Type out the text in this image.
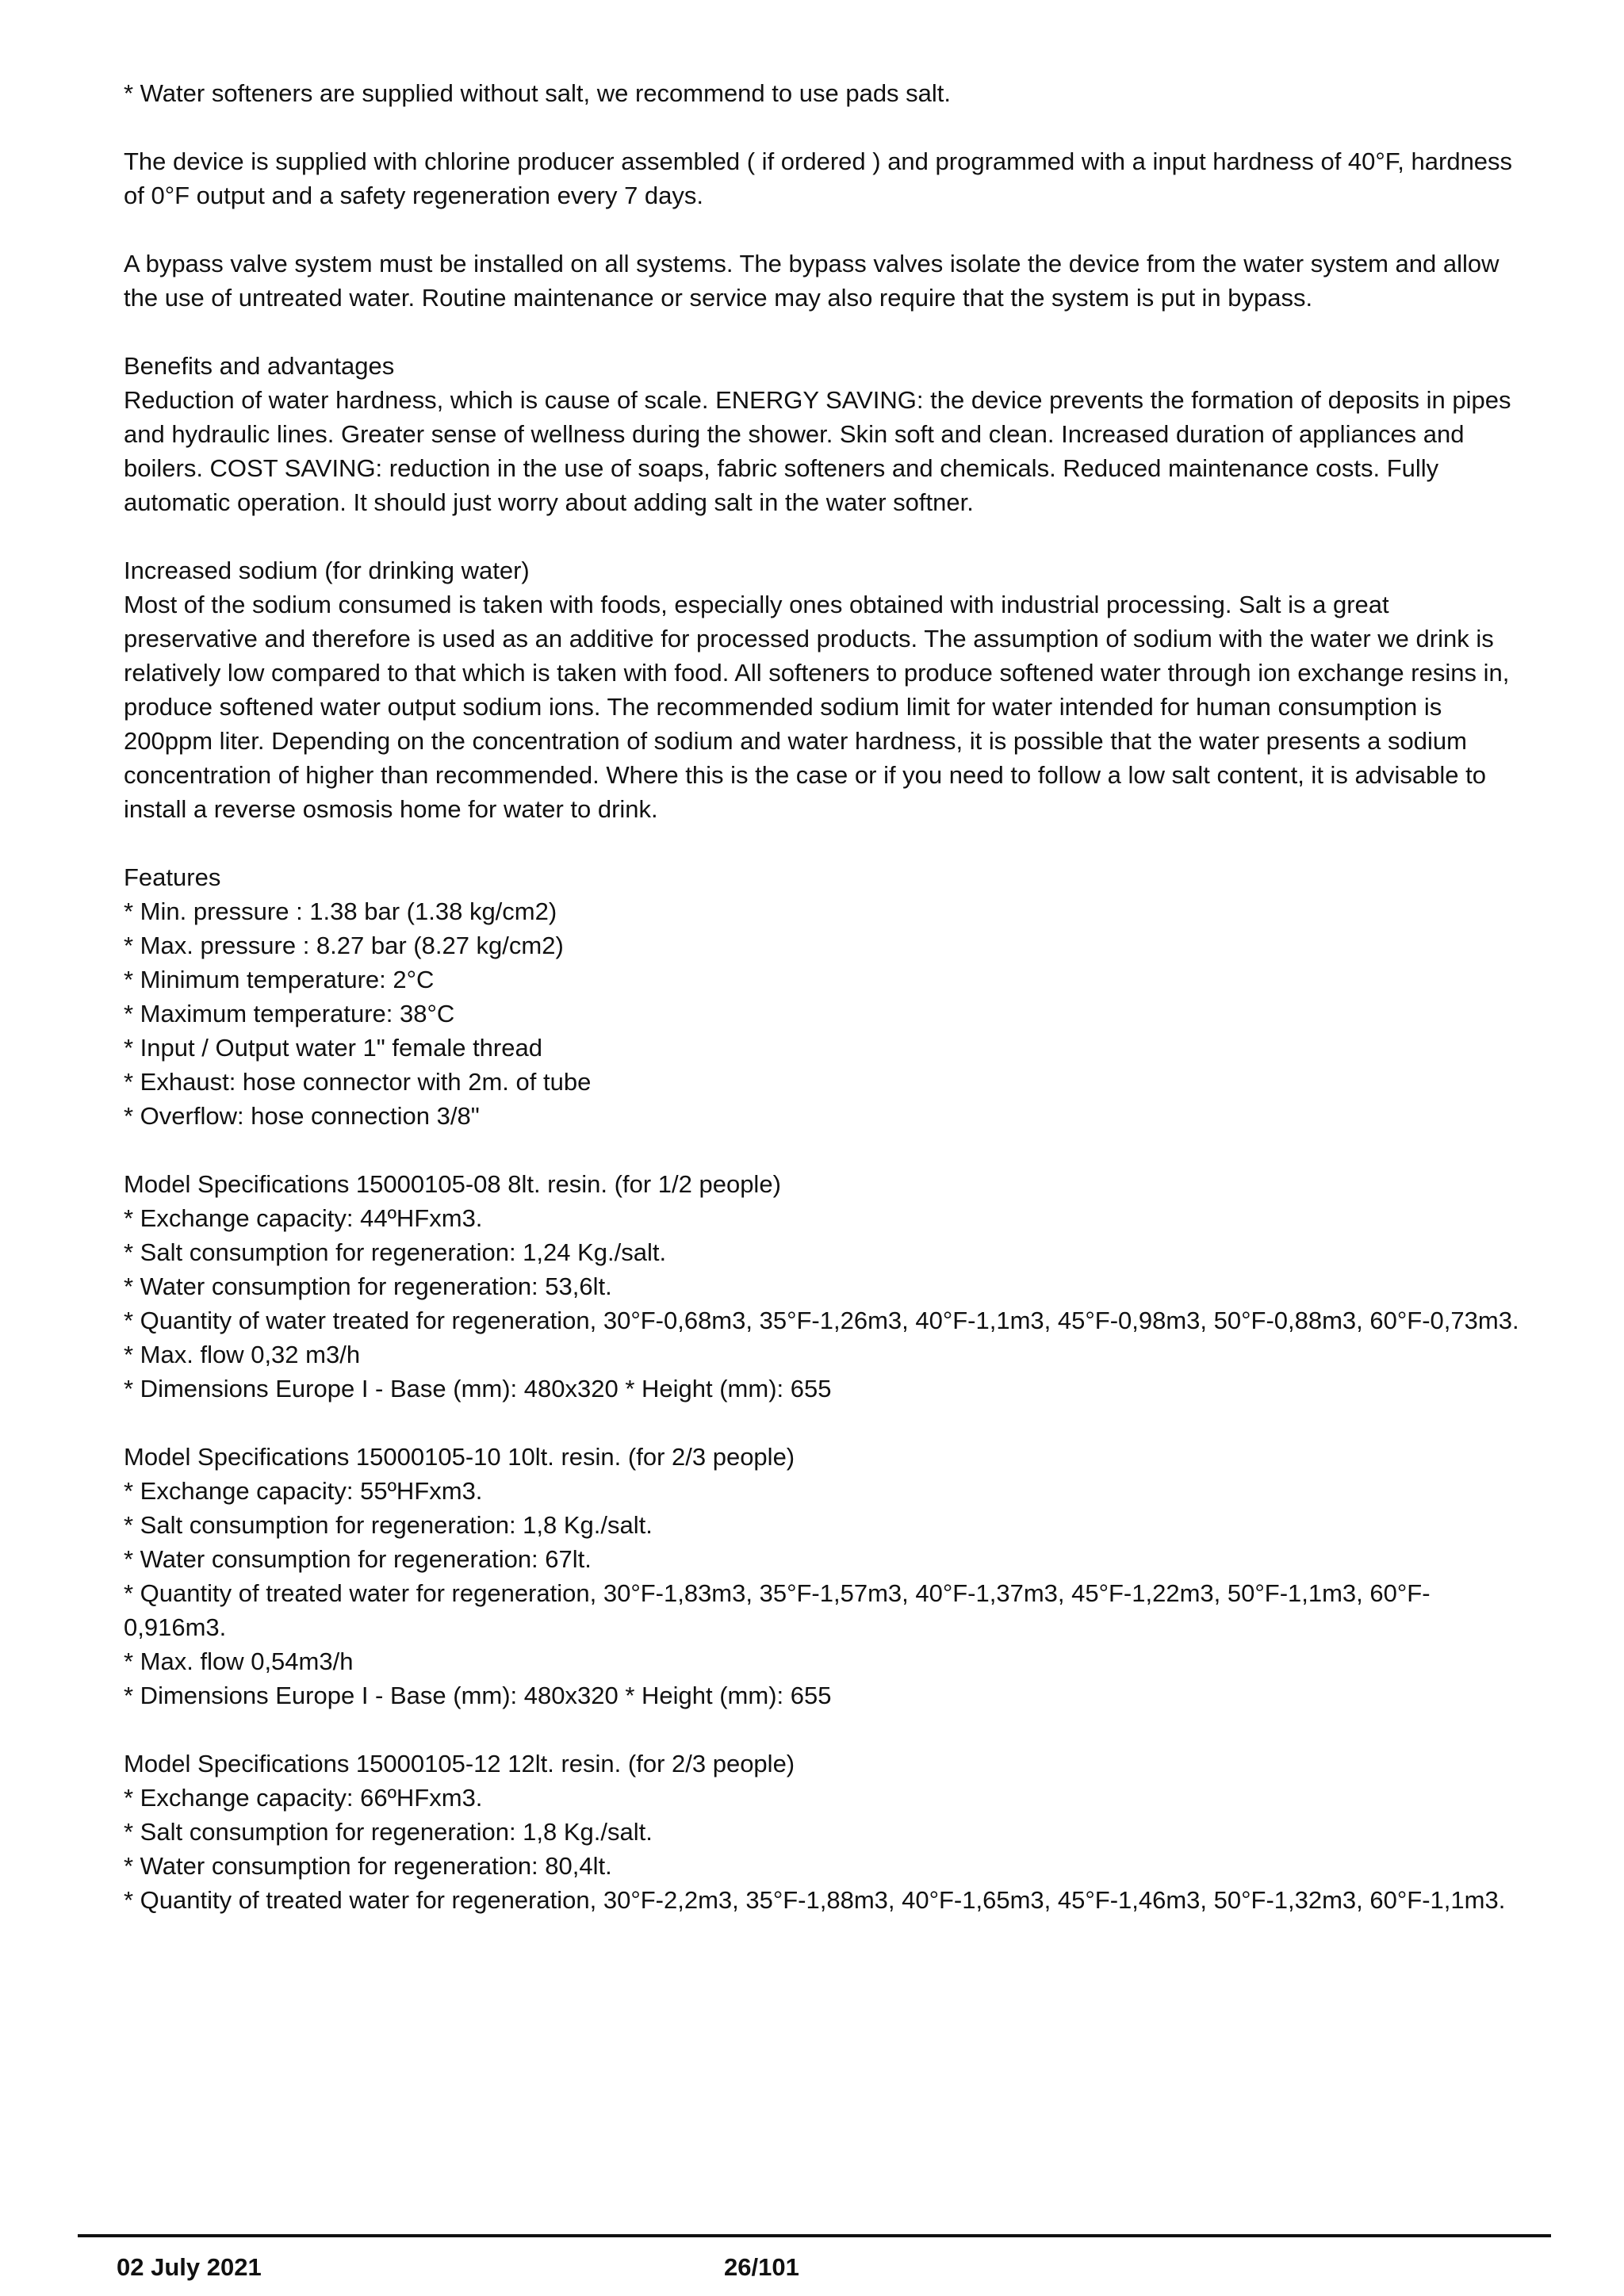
* Water softeners are supplied without salt, we recommend to use pads salt.

The device is supplied with chlorine producer assembled ( if ordered ) and programmed with a input hardness of 40°F, hardness of 0°F output and a safety regeneration every 7 days.

A bypass valve system must be installed on all systems. The bypass valves isolate the device from the water system and allow the use of untreated water. Routine maintenance or service may also require that the system is put in bypass.

Benefits and advantages

Reduction of water hardness, which is cause of scale. ENERGY SAVING: the device prevents the formation of deposits in pipes and hydraulic lines. Greater sense of wellness during the shower. Skin soft and clean. Increased duration of appliances and boilers. COST SAVING: reduction in the use of soaps, fabric softeners and chemicals. Reduced maintenance costs. Fully automatic operation. It should just worry about adding salt in the water softner.

Increased sodium (for drinking water)

Most of the sodium consumed is taken with foods, especially ones obtained with industrial processing. Salt is a great preservative and therefore is used as an additive for processed products. The assumption of sodium with the water we drink is relatively low compared to that which is taken with food. All softeners to produce softened water through ion exchange resins in, produce softened water output sodium ions. The recommended sodium limit for water intended for human consumption is 200ppm liter. Depending on the concentration of sodium and water hardness, it is possible that the water presents a sodium concentration of higher than recommended. Where this is the case or if you need to follow a low salt content, it is advisable to install a reverse osmosis home for water to drink.

Features

* Min. pressure : 1.38 bar (1.38 kg/cm2)

* Max. pressure : 8.27 bar (8.27 kg/cm2)

* Minimum temperature: 2°C

* Maximum temperature: 38°C

* Input / Output water 1" female thread

* Exhaust: hose connector with 2m. of tube

* Overflow: hose connection 3/8"

Model Specifications 15000105-08 8lt. resin. (for 1/2 people)

* Exchange capacity: 44ºHFxm3.

* Salt consumption for regeneration: 1,24 Kg./salt.

* Water consumption for regeneration: 53,6lt.

* Quantity of water treated for regeneration, 30°F-0,68m3, 35°F-1,26m3, 40°F-1,1m3, 45°F-0,98m3, 50°F-0,88m3, 60°F-0,73m3.

* Max. flow 0,32 m3/h

* Dimensions Europe I - Base (mm): 480x320 * Height (mm): 655

Model Specifications 15000105-10 10lt. resin. (for 2/3 people)

* Exchange capacity: 55ºHFxm3.

* Salt consumption for regeneration: 1,8 Kg./salt.

* Water consumption for regeneration: 67lt.

* Quantity of treated water for regeneration, 30°F-1,83m3, 35°F-1,57m3, 40°F-1,37m3, 45°F-1,22m3, 50°F-1,1m3, 60°F-0,916m3.

* Max. flow 0,54m3/h

* Dimensions Europe I - Base (mm): 480x320 * Height (mm): 655

Model Specifications 15000105-12 12lt. resin. (for 2/3 people)

* Exchange capacity: 66ºHFxm3.

* Salt consumption for regeneration: 1,8 Kg./salt.

* Water consumption for regeneration: 80,4lt.

* Quantity of treated water for regeneration, 30°F-2,2m3, 35°F-1,88m3, 40°F-1,65m3, 45°F-1,46m3, 50°F-1,32m3, 60°F-1,1m3.

02 July 2021	26/101
